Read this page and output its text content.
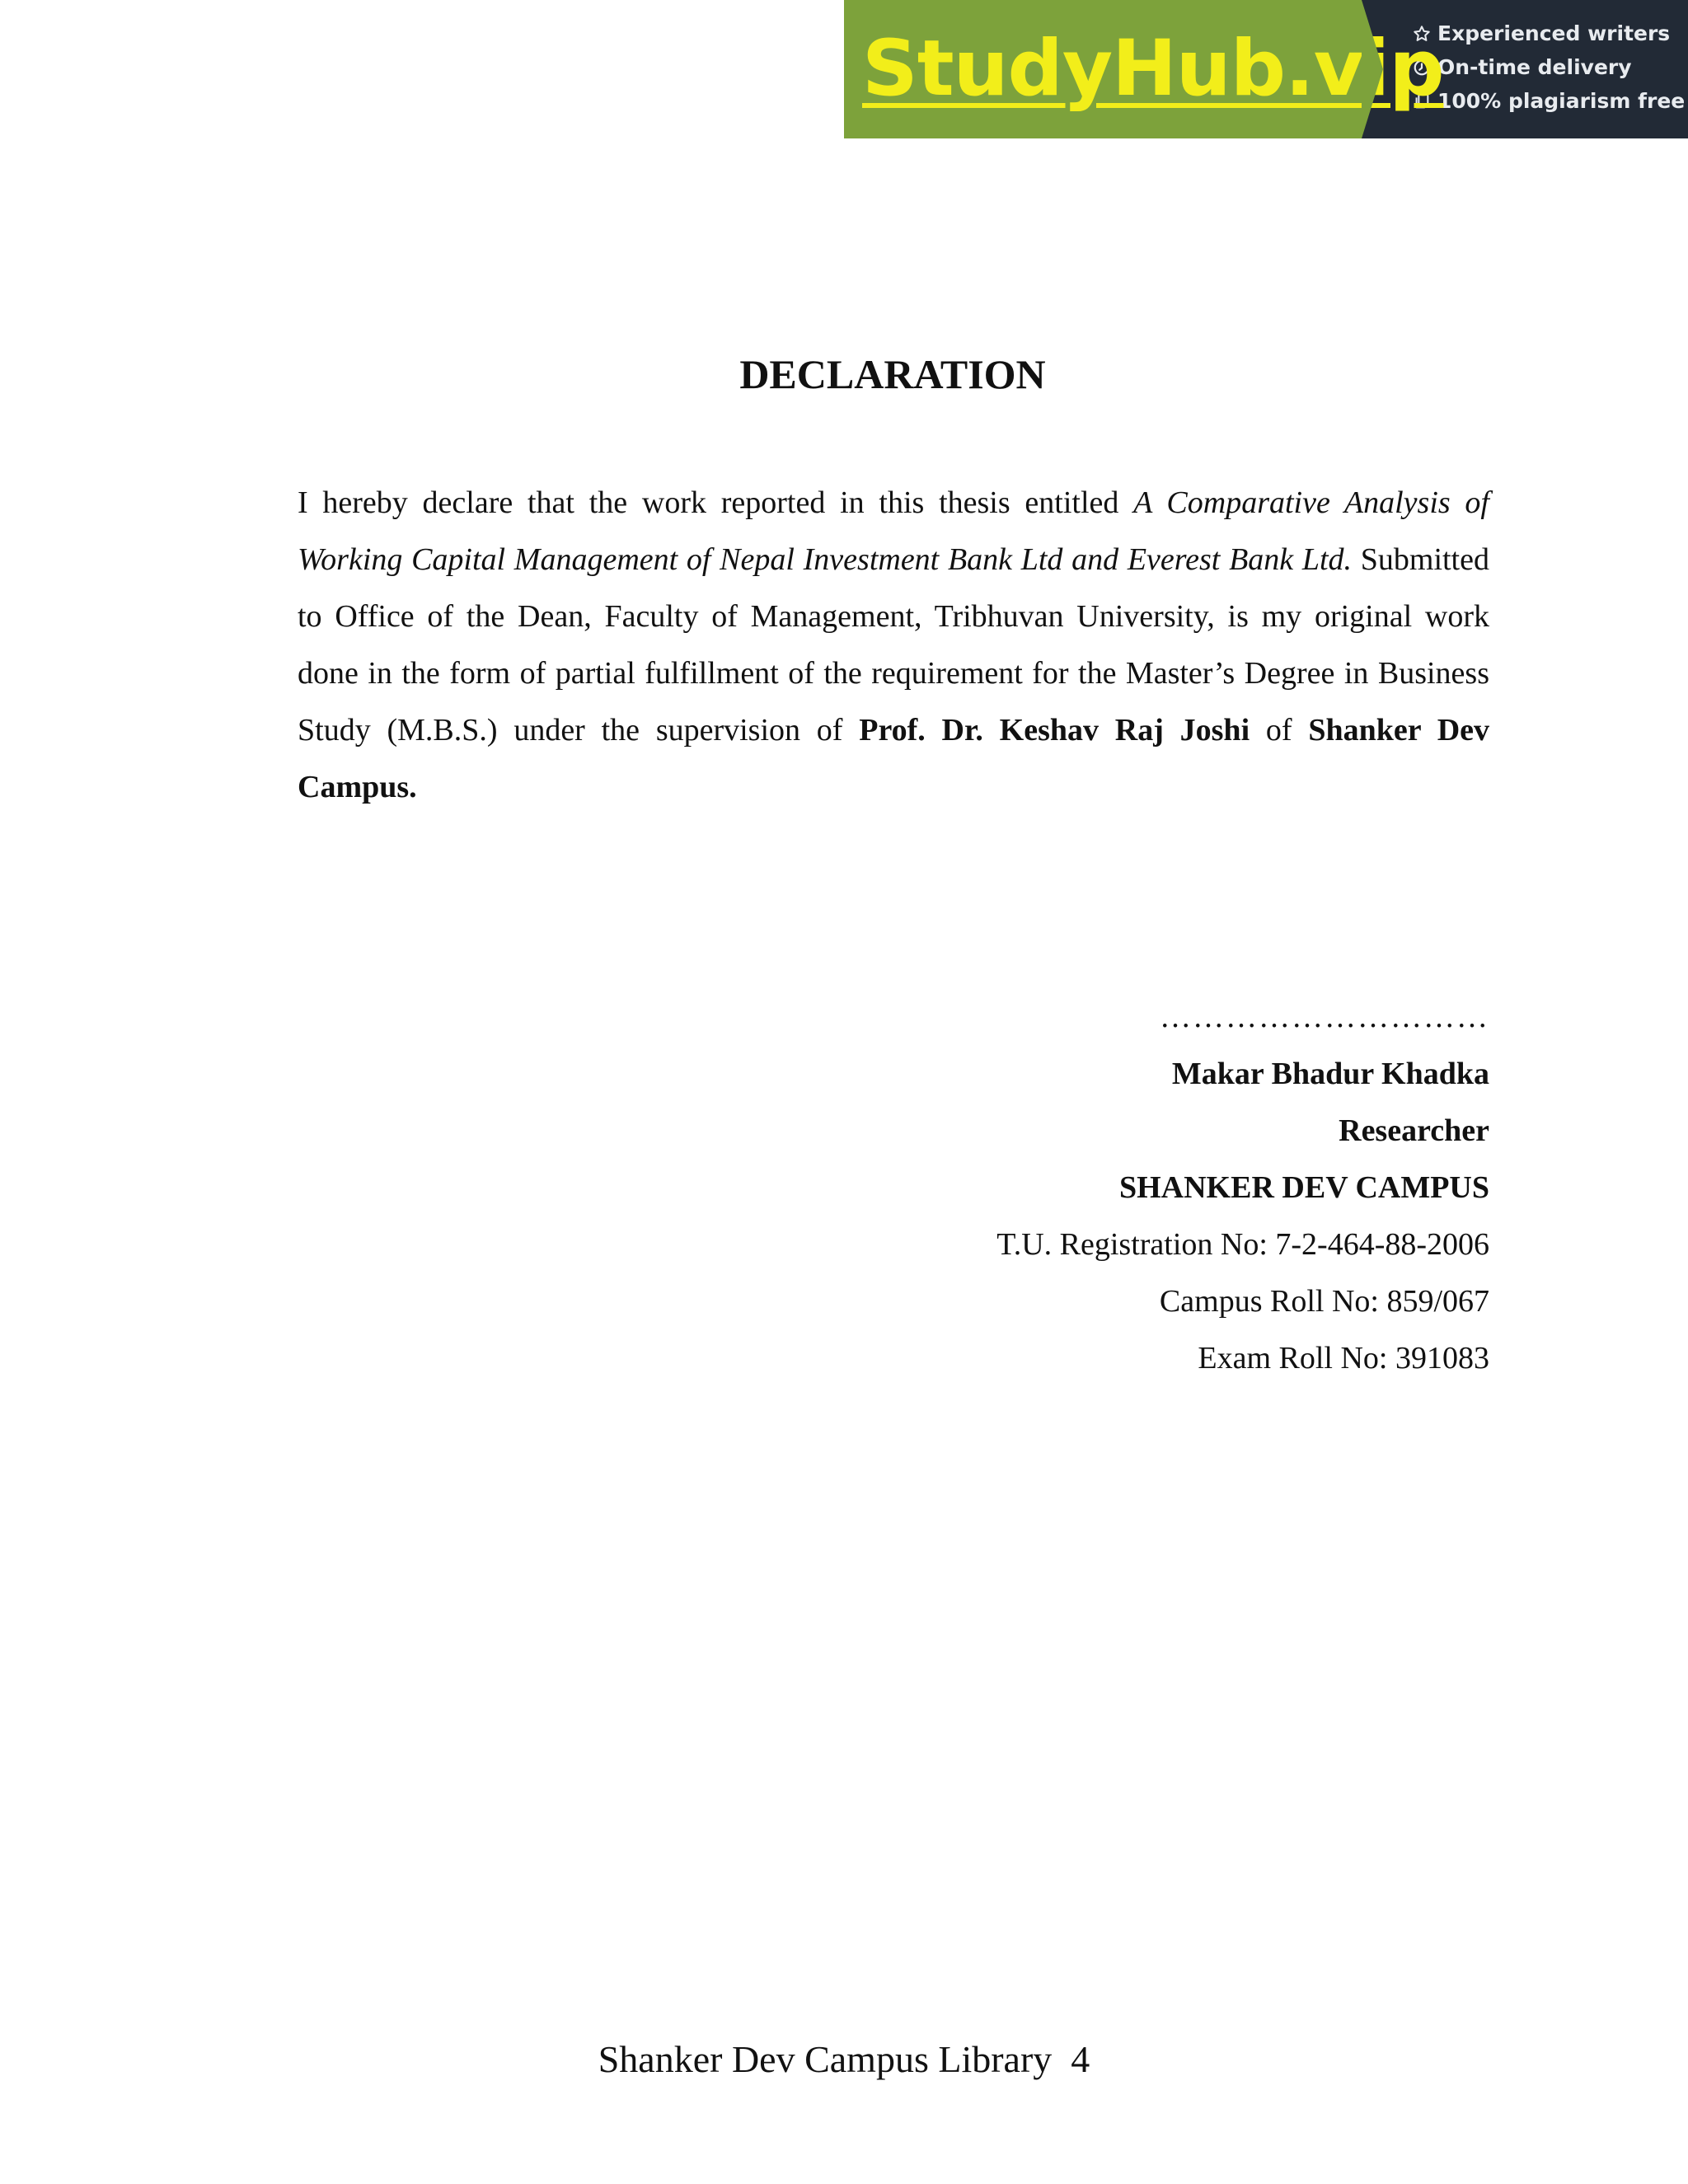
StudyHub.vip
Experienced writers
On-time delivery
100% plagiarism free
DECLARATION

I hereby declare that the work reported in this thesis entitled A Comparative Analysis of Working Capital Management of Nepal Investment Bank Ltd and Everest Bank Ltd. Submitted to Office of the Dean, Faculty of Management, Tribhuvan University, is my original work done in the form of partial fulfillment of the requirement for the Master’s Degree in Business Study (M.B.S.) under the supervision of Prof. Dr. Keshav Raj Joshi of Shanker Dev Campus.

…………………………
Makar Bhadur Khadka
Researcher
SHANKER DEV CAMPUS
T.U. Registration No: 7-2-464-88-2006
Campus Roll No: 859/067
Exam Roll No: 391083
Shanker Dev Campus Library  4
